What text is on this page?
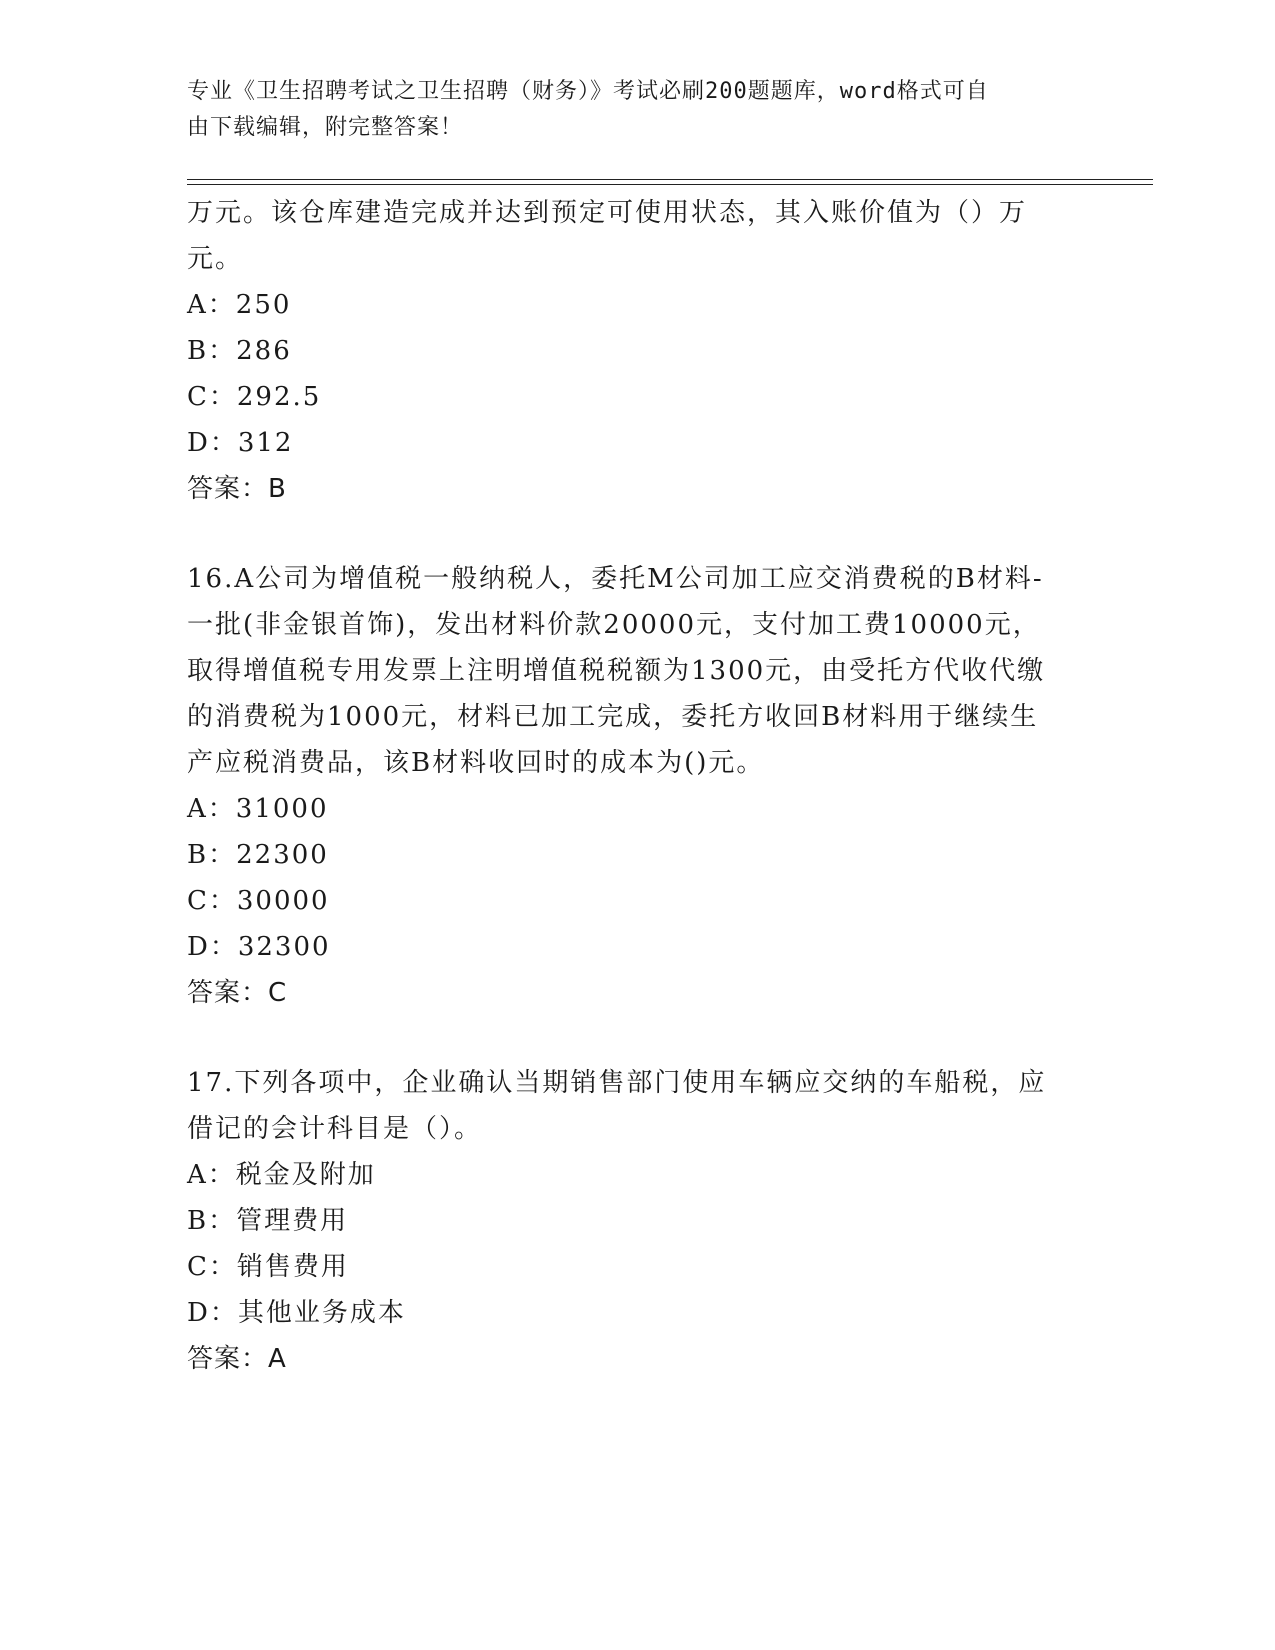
专业《卫生招聘考试之卫生招聘（财务）》考试必刷200题题库，word格式可自
由下载编辑，附完整答案！
万元。该仓库建造完成并达到预定可使用状态，其入账价值为（）万
元。
A：250
B：286
C：292.5
D：312
答案：B
16.A公司为增值税一般纳税人，委托M公司加工应交消费税的B材料-
一批(非金银首饰)，发出材料价款20000元，支付加工费10000元，
取得增值税专用发票上注明增值税税额为1300元，由受托方代收代缴
的消费税为1000元，材料已加工完成，委托方收回B材料用于继续生
产应税消费品，该B材料收回时的成本为()元。
A：31000
B：22300
C：30000
D：32300
答案：C
17.下列各项中，企业确认当期销售部门使用车辆应交纳的车船税，应
借记的会计科目是（）。
A：税金及附加
B：管理费用
C：销售费用
D：其他业务成本
答案：A
